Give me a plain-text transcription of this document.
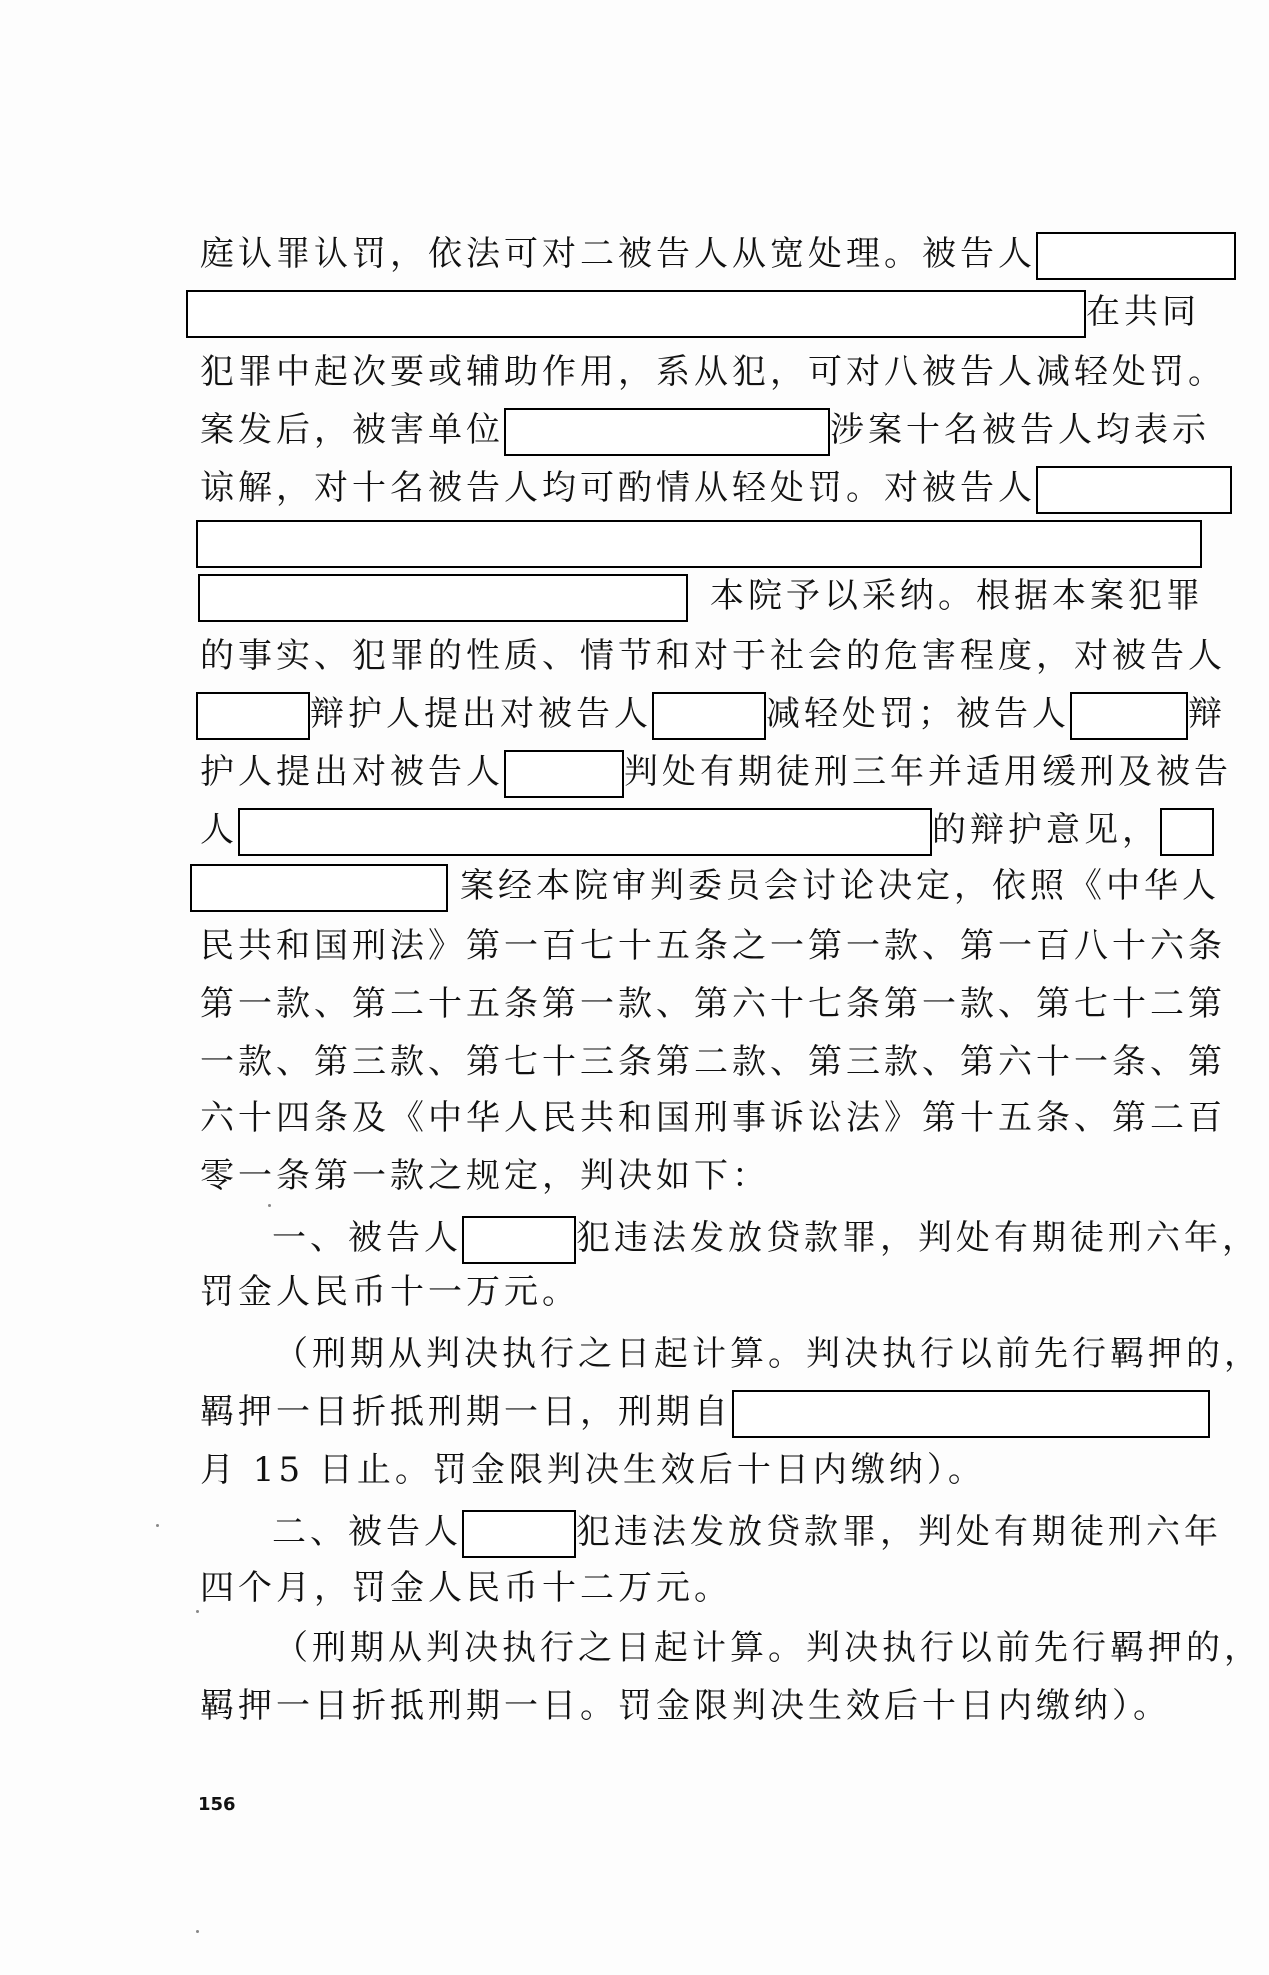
庭认罪认罚，依法可对二被告人从宽处理。被告人
在共同
犯罪中起次要或辅助作用，系从犯，可对八被告人减轻处罚。
案发后，被害单位	涉案十名被告人均表示
谅解，对十名被告人均可酌情从轻处罚。对被告人
本院予以采纳。根据本案犯罪
的事实、犯罪的性质、情节和对于社会的危害程度，对被告人
辩护人提出对被告人	减轻处罚；被告人	辩
护人提出对被告人	判处有期徒刑三年并适用缓刑及被告
人	的辩护意见，
案经本院审判委员会讨论决定，依照《中华人
民共和国刑法》第一百七十五条之一第一款、第一百八十六条
第一款、第二十五条第一款、第六十七条第一款、第七十二第
一款、第三款、第七十三条第二款、第三款、第六十一条、第
六十四条及《中华人民共和国刑事诉讼法》第十五条、第二百
零一条第一款之规定，判决如下：
一、被告人	犯违法发放贷款罪，判处有期徒刑六年，
罚金人民币十一万元。
（刑期从判决执行之日起计算。判决执行以前先行羁押的，
羁押一日折抵刑期一日，刑期自
月 15 日止。罚金限判决生效后十日内缴纳）。
二、被告人	犯违法发放贷款罪，判处有期徒刑六年
四个月，罚金人民币十二万元。
（刑期从判决执行之日起计算。判决执行以前先行羁押的，
羁押一日折抵刑期一日。罚金限判决生效后十日内缴纳）。
156
